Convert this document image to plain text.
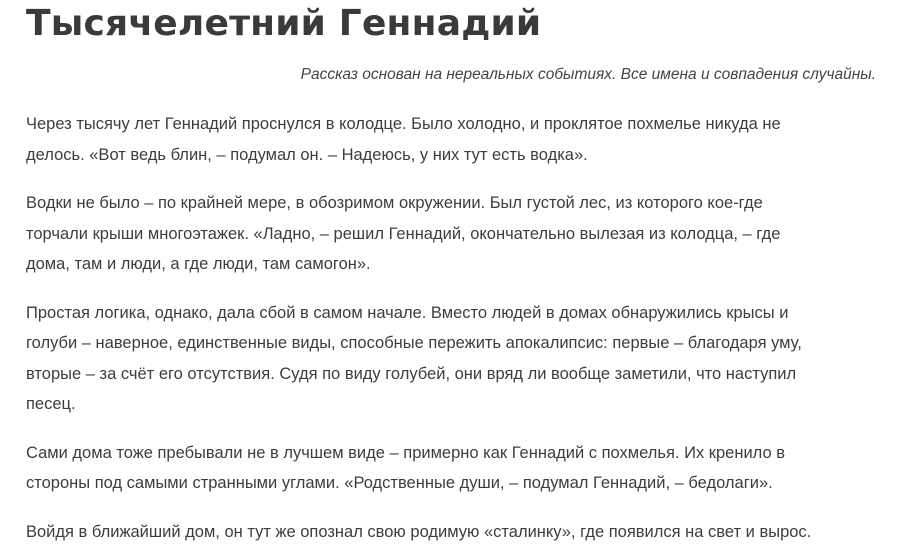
Тысячелетний Геннадий

Рассказ основан на нереальных событиях. Все имена и совпадения случайны.

Через тысячу лет Геннадий проснулся в колодце. Было холодно, и проклятое похмелье никуда не
делось. «Вот ведь блин, – подумал он. – Надеюсь, у них тут есть водка».

Водки не было – по крайней мере, в обозримом окружении. Был густой лес, из которого кое-где
торчали крыши многоэтажек. «Ладно, – решил Геннадий, окончательно вылезая из колодца, – где
дома, там и люди, а где люди, там самогон».

Простая логика, однако, дала сбой в самом начале. Вместо людей в домах обнаружились крысы и
голуби – наверное, единственные виды, способные пережить апокалипсис: первые – благодаря уму,
вторые – за счёт его отсутствия. Судя по виду голубей, они вряд ли вообще заметили, что наступил
песец.

Сами дома тоже пребывали не в лучшем виде – примерно как Геннадий с похмелья. Их кренило в
стороны под самыми странными углами. «Родственные души, – подумал Геннадий, – бедолаги».

Войдя в ближайший дом, он тут же опознал свою родимую «сталинку», где появился на свет и вырос.
